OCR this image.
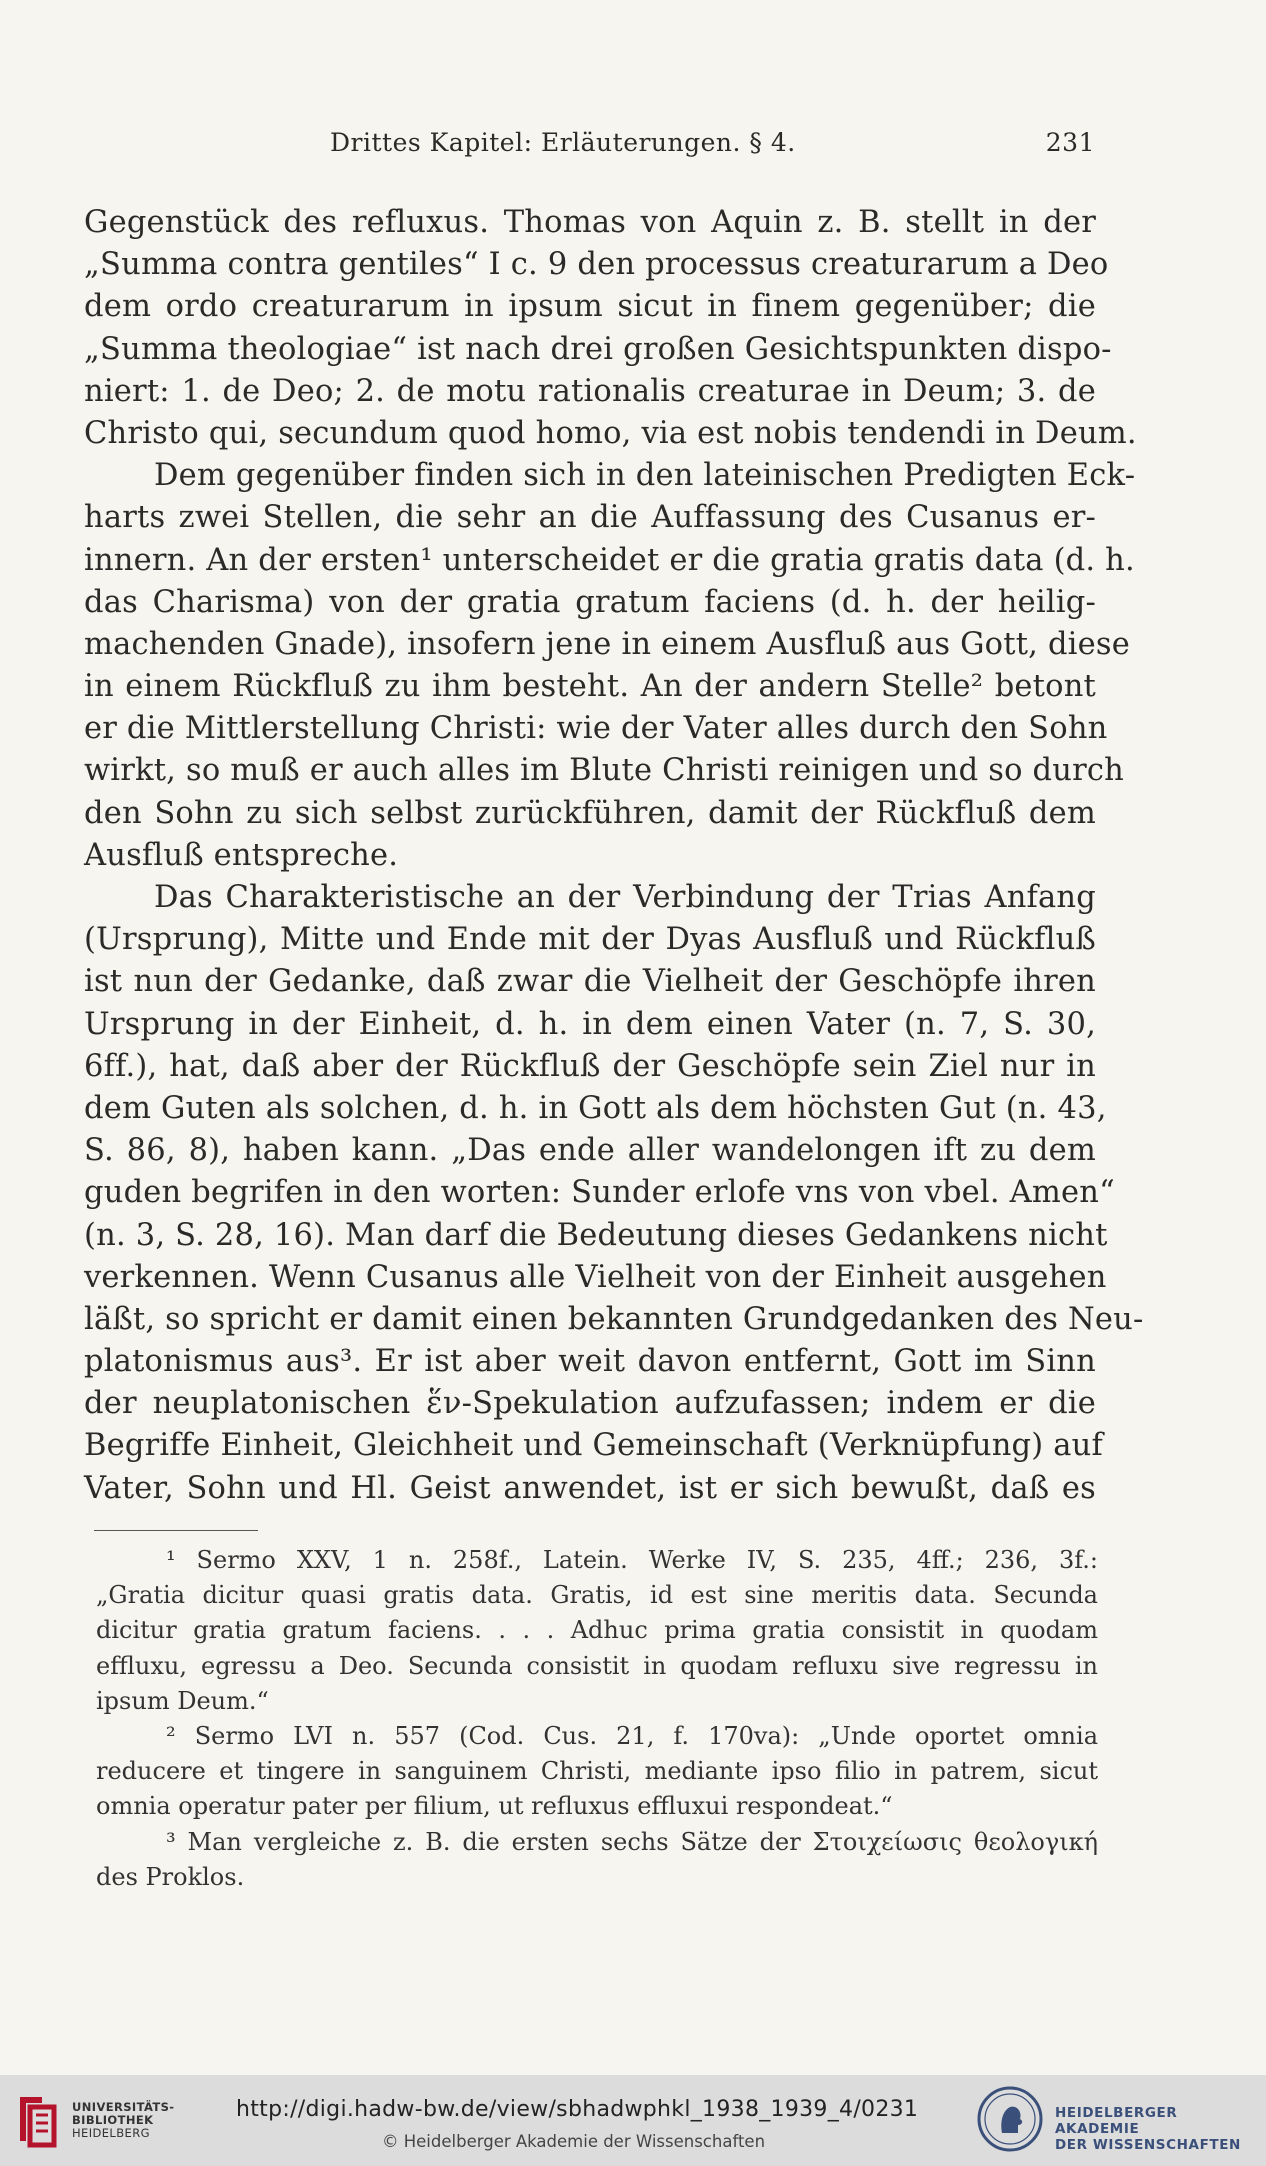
Drittes Kapitel: Erläuterungen. § 4.	231
Gegenstück des refluxus. Thomas von Aquin z. B. stellt in der
„Summa contra gentiles“ I c. 9 den processus creaturarum a Deo
dem ordo creaturarum in ipsum sicut in finem gegenüber; die
„Summa theologiae“ ist nach drei großen Gesichtspunkten dispo-
niert: 1. de Deo; 2. de motu rationalis creaturae in Deum; 3. de
Christo qui, secundum quod homo, via est nobis tendendi in Deum.
Dem gegenüber finden sich in den lateinischen Predigten Eck-
harts zwei Stellen, die sehr an die Auffassung des Cusanus er-
innern. An der ersten¹ unterscheidet er die gratia gratis data (d. h.
das Charisma) von der gratia gratum faciens (d. h. der heilig-
machenden Gnade), insofern jene in einem Ausfluß aus Gott, diese
in einem Rückfluß zu ihm besteht. An der andern Stelle² betont
er die Mittlerstellung Christi: wie der Vater alles durch den Sohn
wirkt, so muß er auch alles im Blute Christi reinigen und so durch
den Sohn zu sich selbst zurückführen, damit der Rückfluß dem
Ausfluß entspreche.
Das Charakteristische an der Verbindung der Trias Anfang
(Ursprung), Mitte und Ende mit der Dyas Ausfluß und Rückfluß
ist nun der Gedanke, daß zwar die Vielheit der Geschöpfe ihren
Ursprung in der Einheit, d. h. in dem einen Vater (n. 7, S. 30,
6ff.), hat, daß aber der Rückfluß der Geschöpfe sein Ziel nur in
dem Guten als solchen, d. h. in Gott als dem höchsten Gut (n. 43,
S. 86, 8), haben kann. „Das ende aller wandelongen ift zu dem
guden begrifen in den worten: Sunder erlofe vns von vbel. Amen“
(n. 3, S. 28, 16). Man darf die Bedeutung dieses Gedankens nicht
verkennen. Wenn Cusanus alle Vielheit von der Einheit ausgehen
läßt, so spricht er damit einen bekannten Grundgedanken des Neu-
platonismus aus³. Er ist aber weit davon entfernt, Gott im Sinn
der neuplatonischen ἕν-Spekulation aufzufassen; indem er die
Begriffe Einheit, Gleichheit und Gemeinschaft (Verknüpfung) auf
Vater, Sohn und Hl. Geist anwendet, ist er sich bewußt, daß es
¹ Sermo XXV, 1 n. 258f., Latein. Werke IV, S. 235, 4ff.; 236, 3f.:
„Gratia dicitur quasi gratis data. Gratis, id est sine meritis data. Secunda
dicitur gratia gratum faciens. . . . Adhuc prima gratia consistit in quodam
effluxu, egressu a Deo. Secunda consistit in quodam refluxu sive regressu in
ipsum Deum.“
² Sermo LVI n. 557 (Cod. Cus. 21, f. 170va): „Unde oportet omnia
reducere et tingere in sanguinem Christi, mediante ipso filio in patrem, sicut
omnia operatur pater per filium, ut refluxus effluxui respondeat.“
³ Man vergleiche z. B. die ersten sechs Sätze der Στοιχείωσις θεολογική
des Proklos.
UNIVERSITÄTS-
BIBLIOTHEK
HEIDELBERG
http://digi.hadw-bw.de/view/sbhadwphkl_1938_1939_4/0231
© Heidelberger Akademie der Wissenschaften
HEIDELBERGER AKADEMIE
DER WISSENSCHAFTEN
